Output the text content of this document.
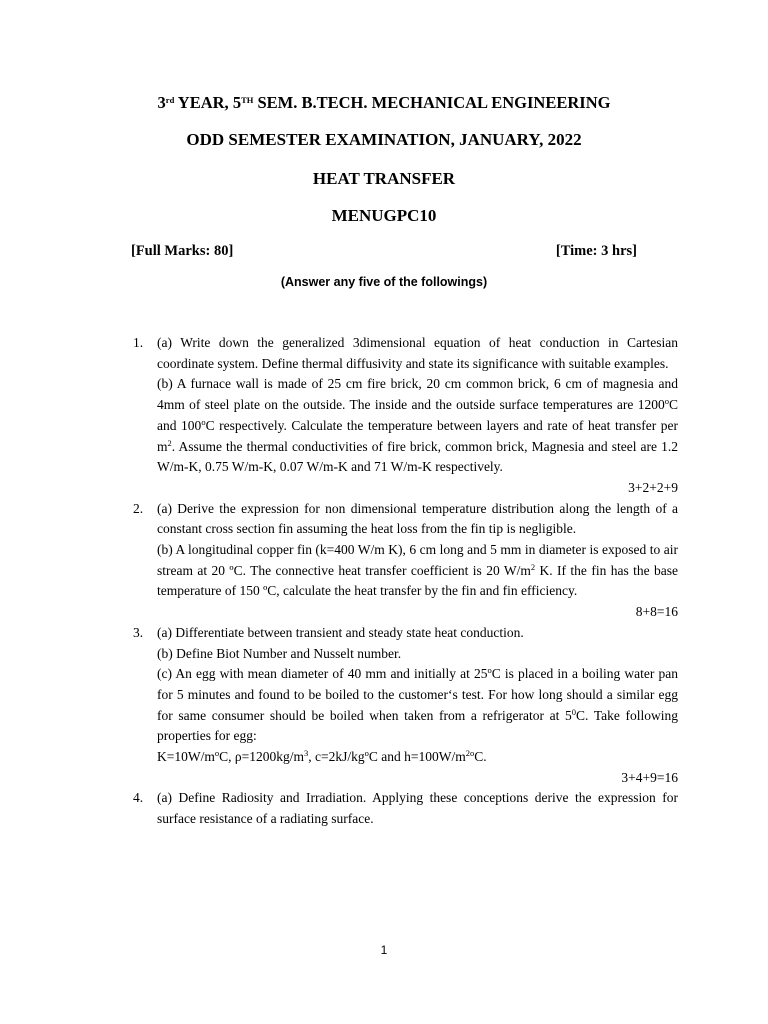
3rd YEAR, 5TH SEM. B.TECH. MECHANICAL ENGINEERING
ODD SEMESTER EXAMINATION, JANUARY, 2022
HEAT TRANSFER
MENUGPC10
[Full Marks: 80]	[Time: 3 hrs]
(Answer any five of the followings)
1. (a) Write down the generalized 3dimensional equation of heat conduction in Cartesian coordinate system. Define thermal diffusivity and state its significance with suitable examples.

(b) A furnace wall is made of 25 cm fire brick, 20 cm common brick, 6 cm of magnesia and 4mm of steel plate on the outside. The inside and the outside surface temperatures are 1200$^o$C and 100$^o$C respectively. Calculate the temperature between layers and rate of heat transfer per $m^2$. Assume the thermal conductivities of fire brick, common brick, Magnesia and steel are 1.2 W/m-K, 0.75 W/m-K, 0.07 W/m-K and 71 W/m-K respectively.

3+2+2+9

2. (a) Derive the expression for non dimensional temperature distribution along the length of a constant cross section fin assuming the heat loss from the fin tip is negligible.

(b) A longitudinal copper fin (k=400 W/m K), 6 cm long and 5 mm in diameter is exposed to air stream at 20 ºC. The connective heat transfer coefficient is 20 $W/m^2$ K. If the fin has the base temperature of 150 ºC, calculate the heat transfer by the fin and fin efficiency.

8+8=16

3. (a) Differentiate between transient and steady state heat conduction.

(b) Define Biot Number and Nusselt number.

(c) An egg with mean diameter of 40 mm and initially at 25$^o$C is placed in a boiling water pan for 5 minutes and found to be boiled to the customer‘s test. For how long should a similar egg for same consumer should be boiled when taken from a refrigerator at $5^0C$. Take following properties for egg:

$K=10W/m^oC$, $\rho=1200kg/m^3$, $c=2kJ/kg^oC$ and $h=100W/m^{2o}C$.

3+4+9=16

4. (a) Define Radiosity and Irradiation. Applying these conceptions derive the expression for surface resistance of a radiating surface.

1
